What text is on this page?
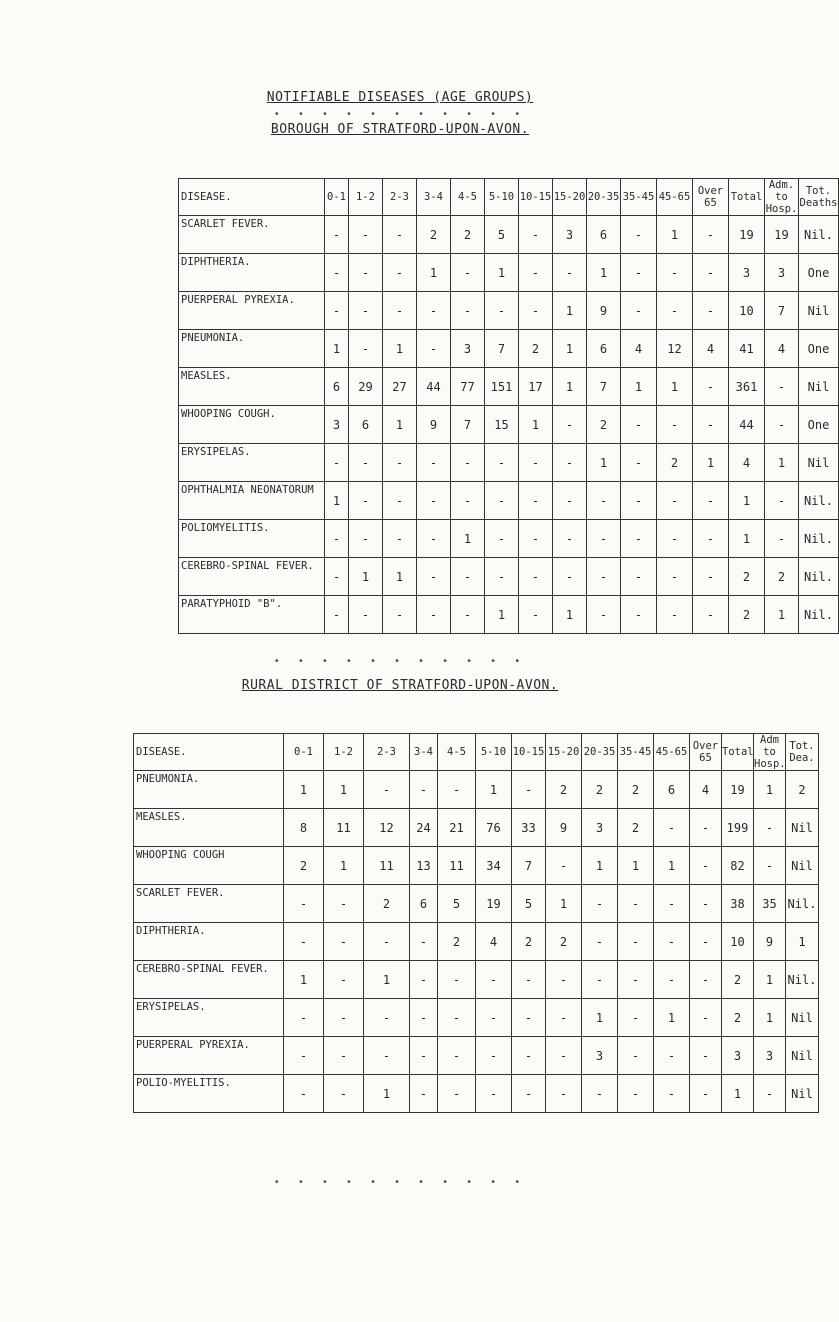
NOTIFIABLE DISEASES (AGE GROUPS)
• • • • • • • • • • •
BOROUGH OF STRATFORD-UPON-AVON.
DISEASE.	0-1	1-2	2-3	3-4	4-5	5-10	10-15	15-20	20-35	35-45	45-65	Over 65	Total	Adm. to Hosp.	Tot. Deaths
SCARLET FEVER.	-	-	-	2	2	5	-	3	6	-	1	-	19	19	Nil.
DIPHTHERIA.	-	-	-	1	-	1	-	-	1	-	-	-	3	3	One
PUERPERAL PYREXIA.	-	-	-	-	-	-	-	1	9	-	-	-	10	7	Nil
PNEUMONIA.	1	-	1	-	3	7	2	1	6	4	12	4	41	4	One
MEASLES.	6	29	27	44	77	151	17	1	7	1	1	-	361	-	Nil
WHOOPING COUGH.	3	6	1	9	7	15	1	-	2	-	-	-	44	-	One
ERYSIPELAS.	-	-	-	-	-	-	-	-	1	-	2	1	4	1	Nil
OPHTHALMIA NEONATORUM	1	-	-	-	-	-	-	-	-	-	-	-	1	-	Nil.
POLIOMYELITIS.	-	-	-	-	1	-	-	-	-	-	-	-	1	-	Nil.
CEREBRO-SPINAL FEVER.	-	1	1	-	-	-	-	-	-	-	-	-	2	2	Nil.
PARATYPHOID "B".	-	-	-	-	-	1	-	1	-	-	-	-	2	1	Nil.
• • • • • • • • • • •
RURAL DISTRICT OF STRATFORD-UPON-AVON.
DISEASE.	0-1	1-2	2-3	3-4	4-5	5-10	10-15	15-20	20-35	35-45	45-65	Over 65	Total	Adm to Hosp.	Tot. Dea.
PNEUMONIA.	1	1	-	-	-	1	-	2	2	2	6	4	19	1	2
MEASLES.	8	11	12	24	21	76	33	9	3	2	-	-	199	-	Nil
WHOOPING COUGH	2	1	11	13	11	34	7	-	1	1	1	-	82	-	Nil
SCARLET FEVER.	-	-	2	6	5	19	5	1	-	-	-	-	38	35	Nil.
DIPHTHERIA.	-	-	-	-	2	4	2	2	-	-	-	-	10	9	1
CEREBRO-SPINAL FEVER.	1	-	1	-	-	-	-	-	-	-	-	-	2	1	Nil.
ERYSIPELAS.	-	-	-	-	-	-	-	-	1	-	1	-	2	1	Nil
PUERPERAL PYREXIA.	-	-	-	-	-	-	-	-	3	-	-	-	3	3	Nil
POLIO-MYELITIS.	-	-	1	-	-	-	-	-	-	-	-	-	1	-	Nil
• • • • • • • • • • •
